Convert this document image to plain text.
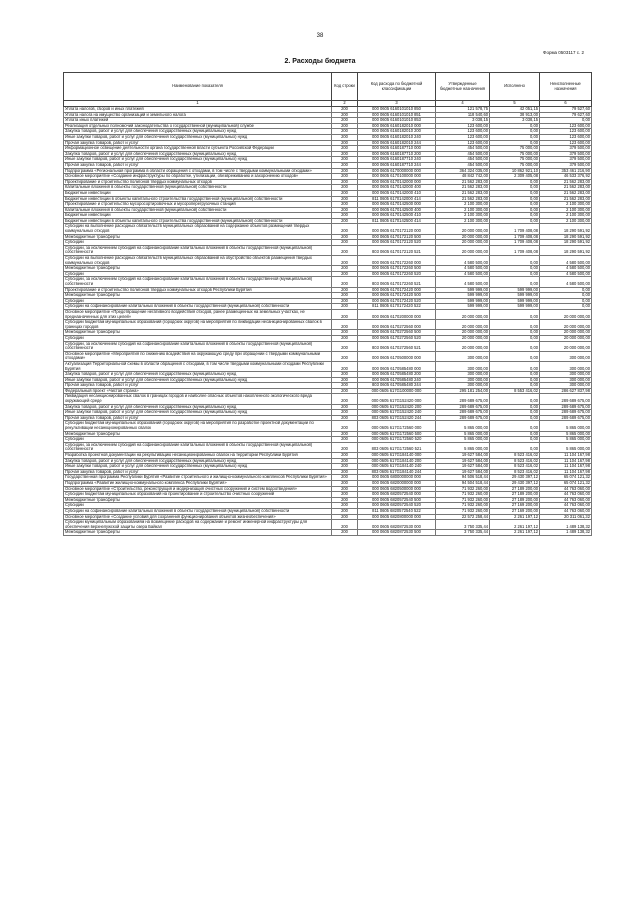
38
Форма 0503117 с. 2
2. Расходы бюджета
Наименование показателя	Код строки	Код расхода по бюджетной классификации	Утвержденные бюджетные назначения	Исполнено	Неисполненные назначения
1	2	3	4	5	6
Уплата налогов, сборов и иных платежей	200	000 0605 6160101010 850	121 578,75	42 051,15	79 527,60
Уплата налога на имущество организаций и земельного налога	200	000 0605 6160101010 851	118 540,60	38 913,00	79 627,60
Уплата иных платежей	200	000 0605 6160101010 853	3 038,15	3 038,15	0,00
Реализация отдельных полномочий законодательства о государственной (муниципальной) службе	200	000 0605 6160182010 000	123 600,00	0,00	123 600,00
Закупка товаров, работ и услуг для обеспечения государственных (муниципальных) нужд	200	000 0605 6160182010 200	123 600,00	0,00	123 600,00
Иные закупки товаров, работ и услуг для обеспечения государственных (муниципальных) нужд	200	000 0605 6160182010 240	123 600,00	0,00	123 600,00
Прочая закупка товаров, работ и услуг	200	000 0605 6160182010 244	123 600,00	0,00	123 600,00
Информационное освещение деятельности органа государственной власти субъекта Российской Федерации	200	000 0605 6160187710 000	454 500,00	75 000,00	379 500,00
Закупка товаров, работ и услуг для обеспечения государственных (муниципальных) нужд	200	000 0605 6160187710 200	454 500,00	75 000,00	379 500,00
Иные закупки товаров, работ и услуг для обеспечения государственных (муниципальных) нужд	200	000 0605 6160187710 240	454 500,00	75 000,00	379 500,00
Прочая закупка товаров, работ и услуг	200	000 0605 6160187710 244	454 500,00	75 000,00	379 500,00
Подпрограмма «Региональная программа в области обращения с отходами, в том числе с твердыми коммунальными отходами»	200	000 0605 6170000000 000	364 324 035,00	10 862 921,10	353 461 216,90
Основное мероприятие «Создание инфраструктуры по обработке, утилизации, обезвреживанию и захоронению отходов»	200	000 0605 6170100000 000	48 842 742,00	2 309 405,08	46 533 376,92
Проектирование и строительство полигонов твердых коммунальных отходов	200	000 0605 6170142000 000	21 562 283,00	0,00	21 562 283,00
Капитальные вложения в объекты государственной (муниципальной) собственности	200	000 0605 6170142000 400	21 562 283,00	0,00	21 562 283,00
Бюджетные инвестиции	200	000 0605 6170142000 410	21 562 283,00	0,00	21 562 283,00
Бюджетные инвестиции в объекты капитального строительства государственной (муниципальной) собственности	200	811 0605 6170142000 414	21 562 283,00	0,00	21 562 283,00
Проектирование и строительство мусоросортировочных и мусороперегрузочных станций	200	000 0605 6170142500 000	2 100 300,00	0,00	2 100 300,00
Капитальные вложения в объекты государственной (муниципальной) собственности	200	000 0605 6170142500 400	2 100 300,00	0,00	2 100 300,00
Бюджетные инвестиции	200	000 0605 6170142500 410	2 100 300,00	0,00	2 100 300,00
Бюджетные инвестиции в объекты капитального строительства государственной (муниципальной) собственности	200	811 0605 6170142500 414	2 100 300,00	0,00	2 100 300,00
Субсидии на выполнение расходных обязательств муниципальных образований на содержание объектов размещения твердых коммунальных отходов	200	000 0605 6170172120 000	20 000 000,00	1 709 408,08	18 290 591,92
Межбюджетные трансферты	200	000 0605 6170172120 500	20 000 000,00	1 709 408,08	18 290 591,92
Субсидии	200	000 0605 6170172120 520	20 000 000,00	1 709 408,08	18 290 591,92
Субсидии, за исключением субсидий на софинансирование капитальных вложений в объекты государственной (муниципальной) собственности	200	803 0605 6170172120 521	20 000 000,00	1 709 408,08	18 290 591,92
Субсидии на выполнение расходных обязательств муниципальных образований на обустройство объектов размещения твердых коммунальных отходов	200	000 0605 6170172260 000	4 580 500,00	0,00	4 580 500,00
Межбюджетные трансферты	200	000 0605 6170172260 500	4 580 500,00	0,00	4 580 500,00
Субсидии	200	000 0605 6170172260 520	4 580 500,00	0,00	4 580 500,00
Субсидии, за исключением субсидий на софинансирование капитальных вложений в объекты государственной (муниципальной) собственности	200	803 0605 6170172260 521	4 580 500,00	0,00	4 580 500,00
Проектирование и строительство полигонов твердых коммунальных отходов Республики Бурятия	200	000 0605 6170172420 000	599 999,00	599 999,00	0,00
Межбюджетные трансферты	200	000 0605 6170172420 500	599 999,00	599 999,00	0,00
Субсидии	200	000 0605 6170172420 520	599 999,00	599 999,00	0,00
Субсидии на софинансирование капитальных вложений в объекты государственной (муниципальной) собственности	200	811 0605 6170172420 522	599 999,00	599 999,00	0,00
Основное мероприятие «Предотвращение негативного воздействия отходов, ранее размещенных на земельных участках, не предназначенных для этих целей»	200	000 0605 6170200000 000	20 000 000,00	0,00	20 000 000,00
Субсидии бюджетам муниципальных образований (городских округов) на мероприятия по ликвидации несанкционированных свалок в границах городов	200	000 0605 6170272560 000	20 000 000,00	0,00	20 000 000,00
Межбюджетные трансферты	200	000 0605 6170272560 500	20 000 000,00	0,00	20 000 000,00
Субсидии	200	000 0605 6170272560 520	20 000 000,00	0,00	20 000 000,00
Субсидии, за исключением субсидий на софинансирование капитальных вложений в объекты государственной (муниципальной) собственности	200	803 0605 6170272560 521	20 000 000,00	0,00	20 000 000,00
Основное мероприятие «Мероприятия по снижению воздействия на окружающую среду при обращении с твердыми коммунальными отходами»	200	000 0605 6170500000 000	300 000,00	0,00	300 000,00
Актуализация Территориальной схемы в области обращения с отходами, в том числе твердыми коммунальными отходами Республики Бурятия	200	000 0605 6170585480 000	300 000,00	0,00	300 000,00
Закупка товаров, работ и услуг для обеспечения государственных (муниципальных) нужд	200	000 0605 6170585480 200	300 000,00	0,00	300 000,00
Иные закупки товаров, работ и услуг для обеспечения государственных (муниципальных) нужд	200	000 0605 6170585480 240	300 000,00	0,00	300 000,00
Прочая закупка товаров, работ и услуг	200	803 0605 6170585480 244	300 000,00	0,00	300 000,00
Федеральный проект «Чистая страна»	200	000 0605 617G100000 000	295 181 254,00	8 553 416,02	286 627 837,98
Ликвидация несанкционированных свалок в границах городов и наиболее опасных объектов накопленного экологического вреда окружающей среде	200	000 0605 617G152420 000	289 689 675,00	0,00	289 689 675,00
Закупка товаров, работ и услуг для обеспечения государственных (муниципальных) нужд	200	000 0605 617G152420 200	289 689 675,00	0,00	289 689 675,00
Иные закупки товаров, работ и услуг для обеспечения государственных (муниципальных) нужд	200	000 0605 617G152420 240	289 689 675,00	0,00	289 689 675,00
Прочая закупка товаров, работ и услуг	200	803 0605 617G152420 244	289 689 675,00	0,00	289 689 675,00
Субсидии бюджетам муниципальных образований (городских округов) на мероприятия по разработке проектной документации по рекультивации несанкционированных свалок	200	000 0605 617G172560 000	5 865 000,00	0,00	5 865 000,00
Межбюджетные трансферты	200	000 0605 617G172560 500	5 865 000,00	0,00	5 865 000,00
Субсидии	200	000 0605 617G172560 520	5 865 000,00	0,00	5 865 000,00
Субсидии, за исключением субсидий на софинансирование капитальных вложений в объекты государственной (муниципальной) собственности	200	803 0605 617G172560 521	5 865 000,00	0,00	5 865 000,00
Разработка проектной документации на рекультивацию несанкционированных свалок на территории Республики Бурятия	200	000 0605 617G184140 000	19 627 584,00	8 523 416,02	11 104 167,98
Закупка товаров, работ и услуг для обеспечения государственных (муниципальных) нужд	200	000 0605 617G184140 200	19 627 584,00	8 523 416,02	11 104 167,98
Иные закупки товаров, работ и услуг для обеспечения государственных (муниципальных) нужд	200	000 0605 617G184140 240	19 627 584,00	8 523 416,02	11 104 167,98
Прочая закупка товаров, работ и услуг	200	803 0605 617G184140 244	19 627 584,00	8 523 416,02	11 104 167,98
Государственная программа Республики Бурятия «Развитие строительного и жилищно-коммунального комплексов Республики Бурятия»	200	000 0605 6800000000 000	94 506 518,44	29 430 397,12	65 074 121,32
Подпрограмма «Развитие жилищно-коммунального комплекса Республики Бурятия»	200	000 0605 6820000000 000	94 504 518,44	29 430 397,12	65 074 121,32
Основное мероприятие «Строительство, реконструкция и модернизация очистных сооружений и систем водоотведения»	200	000 0605 6820500000 000	71 932 260,00	27 189 200,00	44 763 060,00
Субсидии бюджетам муниципальных образований на проектирование и строительство очистных сооружений	200	000 0605 6820572540 000	71 932 260,00	27 189 200,00	44 763 060,00
Межбюджетные трансферты	200	000 0605 6820572540 500	71 932 260,00	27 189 200,00	44 763 060,00
Субсидии	200	000 0605 6820572540 520	71 932 260,00	27 169 200,00	44 763 060,00
Субсидии на софинансирование капитальных вложений в объекты государственной (муниципальной) собственности	200	811 0605 6820572540 522	71 932 260,00	27 169 200,00	44 763 060,00
Основное мероприятие «Создание условий для сохранения функционирования объектов жизнеобеспечения»	200	000 0605 6820800000 000	22 572 258,44	2 261 197,12	20 311 061,32
Субсидии муниципальным образованиям на возмещение расходов на содержание и ремонт инженерной инфраструктуры для обеспечения верхнелужской защиты озера Байкал	200	000 0605 6820872530 000	3 750 335,44	2 261 197,12	1 489 138,32
Межбюджетные трансферты	200	000 0605 6820872530 500	3 750 335,44	2 261 197,12	1 489 138,32
